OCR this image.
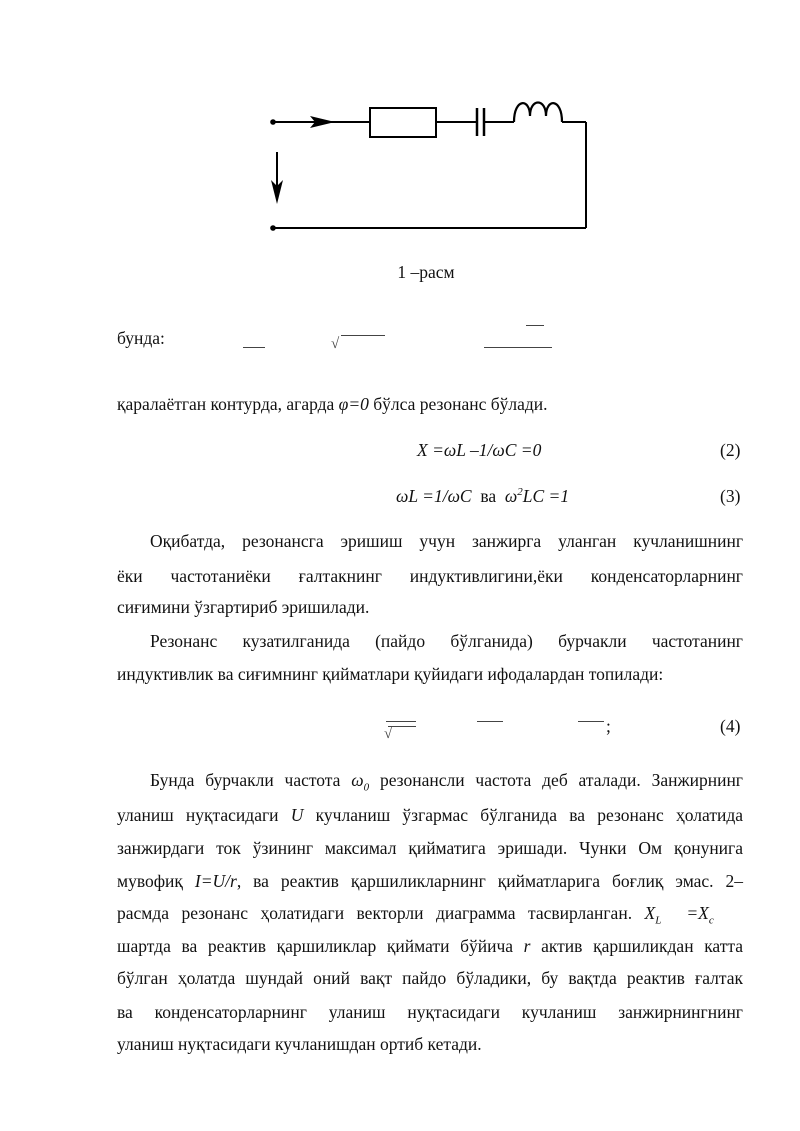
1 –расм
бунда:	√
қаралаётган контурда, агарда φ=0 бўлса резонанс бўлади.
X =ωL –1/ωC =0	(2)
ωL =1/ωC ва $\omega^2LC =1$	(3)
Оқибатда, резонансга эришиш учун занжирга уланган кучланишнинг
ёки частотаниёки ғалтакнинг индуктивлигини,ёки конденсаторларнинг
сиғимини ўзгартириб эришилади.
Резонанс кузатилганида (пайдо бўлганида) бурчакли частотанинг
индуктивлик ва сиғимнинг қийматлари қуйидаги ифодалардан топилади:
√	;	(4)
Бунда бурчакли частота $\omega_0$ резонансли частота деб аталади. Занжирнинг
уланиш нуқтасидаги U кучланиш ўзгармас бўлганида ва резонанс ҳолатида
занжирдаги ток ўзининг максимал қийматига эришади. Чунки Ом қонунига
мувофиқ I=U/r, ва реактив қаршиликларнинг қийматларига боғлиқ эмас. 2–
расмда резонанс ҳолатидаги векторли диаграмма тасвирланган. $X_L =X_c$
шартда ва реактив қаршиликлар қиймати бўйича r актив қаршиликдан катта
бўлган ҳолатда шундай оний вақт пайдо бўладики, бу вақтда реактив ғалтак
ва конденсаторларнинг уланиш нуқтасидаги кучланиш занжирнингнинг
уланиш нуқтасидаги кучланишдан ортиб кетади.
